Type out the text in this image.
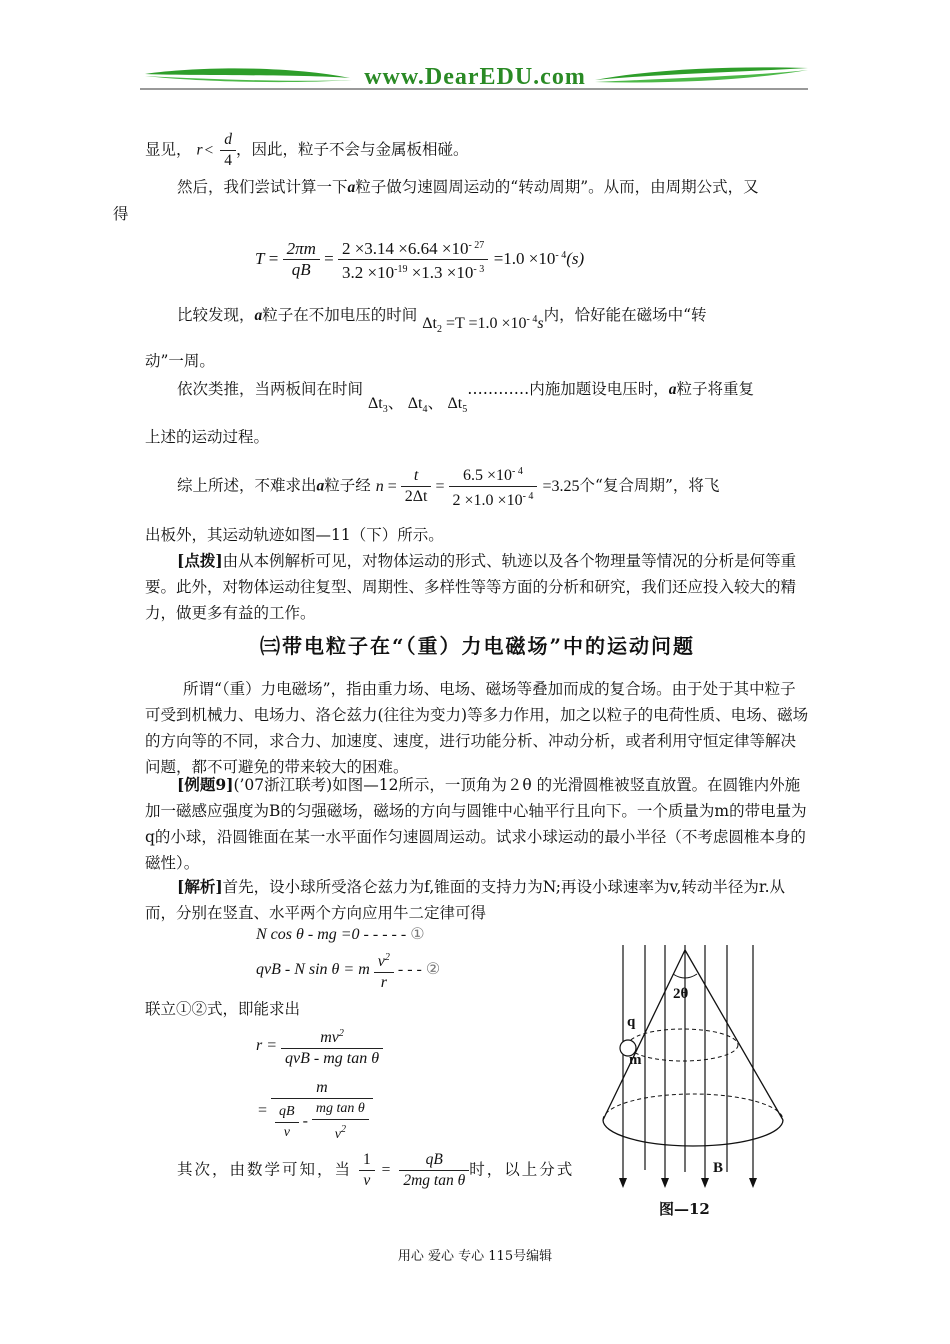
www.DearEDU.com
显见， $r < \frac{d}{4}$ ，因此，粒子不会与金属板相碰。
然后，我们尝试计算一下a粒子做匀速圆周运动的“转动周期”。从而，由周期公式，又
得
$T = \frac{2\pi m}{qB} = \frac{2 \times 3.14 \times 6.64 \times 10^{- 27}}{3.2 \times 10^{-19} \times 1.3 \times 10^{- 3}} =1.0 \times 10^{- 4}(s)$
比较发现，a粒子在不加电压的时间 $\Delta t_2 =T =1.0 \times 10^{- 4}s$内，恰好能在磁场中“转
动”一周。
依次类推，当两板间在时间 $\Delta t_3$、 $\Delta t_4$、 $\Delta t_5\dots\dots\dots\dots$内施加题设电压时，a粒子将重复
上述的运动过程。
综上所述，不难求出a粒子经 $n = \frac{t}{2\Delta t} = \frac{6.5 \times 10^{- 4}}{2 \times 1.0 \times 10^{- 4}} =3.25$个“复合周期”，将飞
出板外，其运动轨迹如图—11（下）所示。
[点拨]由从本例解析可见，对物体运动的形式、轨迹以及各个物理量等情况的分析是何等重要。此外，对物体运动往复型、周期性、多样性等等方面的分析和研究，我们还应投入较大的精力，做更多有益的工作。
㈢带电粒子在“（重）力电磁场”中的运动问题
所谓“（重）力电磁场”，指由重力场、电场、磁场等叠加而成的复合场。由于处于其中粒子可受到机械力、电场力、洛仑兹力(往往为变力)等多力作用，加之以粒子的电荷性质、电场、磁场的方向等的不同，求合力、加速度、速度，进行功能分析、冲动分析，或者利用守恒定律等解决问题，都不可避免的带来较大的困难。
[例题9](’07浙江联考)如图—12所示，一顶角为２θ 的光滑圆椎被竖直放置。在圆锥内外施加一磁感应强度为B的匀强磁场，磁场的方向与圆锥中心轴平行且向下。一个质量为m的带电量为q的小球，沿圆锥面在某一水平面作匀速圆周运动。试求小球运动的最小半径（不考虑圆椎本身的磁性）。
[解析]首先，设小球所受洛仑兹力为f,锥面的支持力为N;再设小球速率为v,转动半径为r.从而，分别在竖直、水平两个方向应用牛二定律可得
N cos θ - mg =0 - - - - - ①
qvB - N sin θ = m $\frac{v^2}{r}$ - - - ②
联立①②式，即能求出
$r = \frac{mv^2}{\text{qvB - mg tan θ}}$
= $\frac{m}{\frac{qB}{v} - \frac{\text{mg tan θ}}{v^2}}$
其次，由数学可知，当 $\frac{1}{v} = \frac{qB}{\text{2mg tan θ}}$ 时，以上分式
2θ
q
m
B
图—12
用心 爱心 专心 115号编辑
